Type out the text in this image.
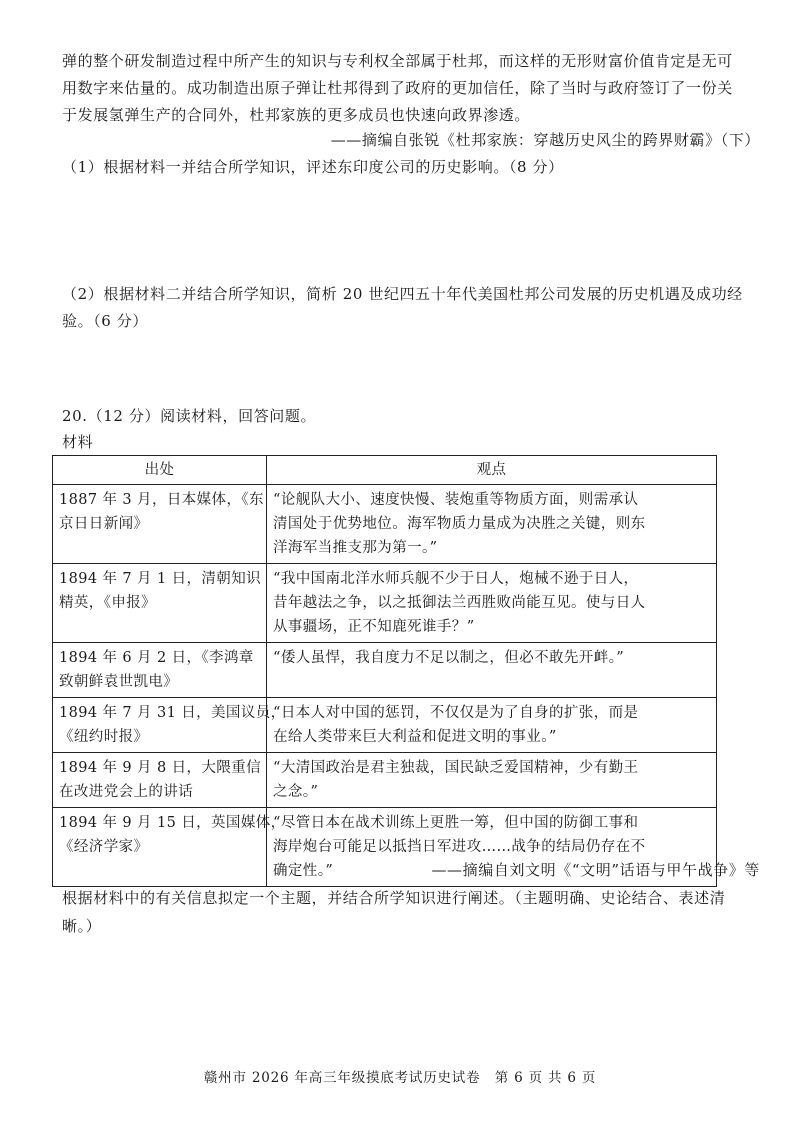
弹的整个研发制造过程中所产生的知识与专利权全部属于杜邦，而这样的无形财富价值肯定是无可
用数字来估量的。成功制造出原子弹让杜邦得到了政府的更加信任，除了当时与政府签订了一份关
于发展氢弹生产的合同外，杜邦家族的更多成员也快速向政界渗透。
——摘编自张锐《杜邦家族：穿越历史风尘的跨界财霸》（下）
（1）根据材料一并结合所学知识，评述东印度公司的历史影响。（8 分）
（2）根据材料二并结合所学知识，简析 20 世纪四五十年代美国杜邦公司发展的历史机遇及成功经
验。（6 分）
20.（12 分）阅读材料，回答问题。
材料
出处	观点

1887 年 3 月，日本媒体，《东
京日日新闻》	“论舰队大小、速度快慢、装炮重等物质方面，则需承认
清国处于优势地位。海军物质力量成为决胜之关键，则东
洋海军当推支那为第一。”

1894 年 7 月 1 日，清朝知识
精英，《申报》	“我中国南北洋水师兵舰不少于日人，炮械不逊于日人，
昔年越法之争，以之抵御法兰西胜败尚能互见。使与日人
从事疆场，正不知鹿死谁手？”

1894 年 6 月 2 日，《李鸿章
致朝鲜袁世凯电》	“倭人虽悍，我自度力不足以制之，但必不敢先开衅。”

1894 年 7 月 31 日，美国议员，
《纽约时报》	“日本人对中国的惩罚，不仅仅是为了自身的扩张，而是
在给人类带来巨大利益和促进文明的事业。”

1894 年 9 月 8 日，大隈重信
在改进党会上的讲话	“大清国政治是君主独裁，国民缺乏爱国精神，少有勤王
之念。”

1894 年 9 月 15 日，英国媒体，
《经济学家》	“尽管日本在战术训练上更胜一筹，但中国的防御工事和
海岸炮台可能足以抵挡日军进攻……战争的结局仍存在不
确定性。”	——摘编自刘文明《“文明”话语与甲午战争》等
根据材料中的有关信息拟定一个主题，并结合所学知识进行阐述。（主题明确、史论结合、表述清
晰。）
赣州市 2026 年高三年级摸底考试历史试卷　第 6 页 共 6 页
